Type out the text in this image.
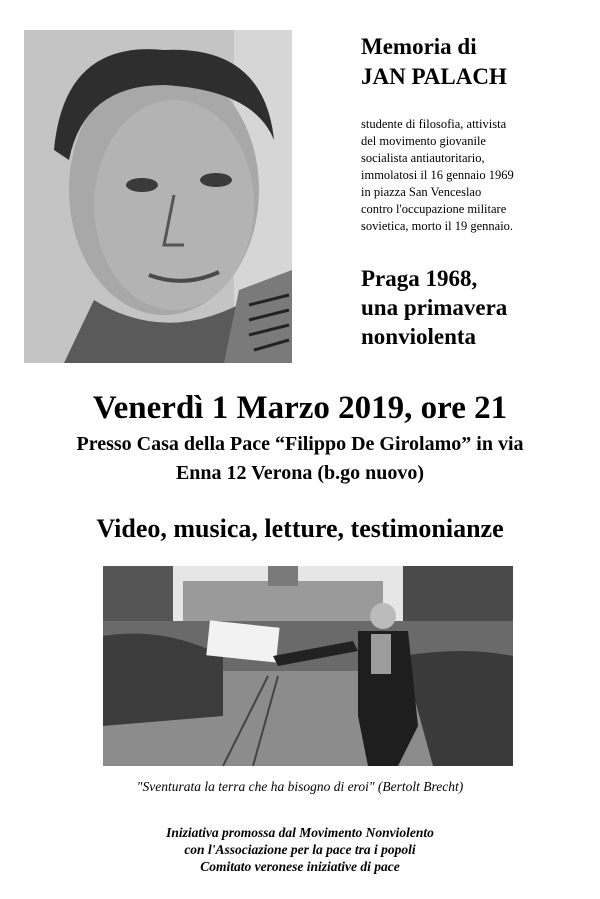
Memoria di
JAN PALACH
studente di filosofia, attivista
del movimento giovanile
socialista antiautoritario,
immolatosi il 16 gennaio 1969
in piazza San Venceslao
contro l'occupazione militare
sovietica, morto il 19 gennaio.
Praga 1968,
una primavera
nonviolenta
Venerdì 1 Marzo 2019, ore 21
Presso Casa della Pace “Filippo De Girolamo” in via
Enna 12 Verona (b.go nuovo)
Video, musica, letture, testimonianze
"Sventurata la terra che ha bisogno di eroi" (Bertolt Brecht)
Iniziativa promossa dal Movimento Nonviolento
con l'Associazione per la pace tra i popoli
Comitato veronese iniziative di pace
